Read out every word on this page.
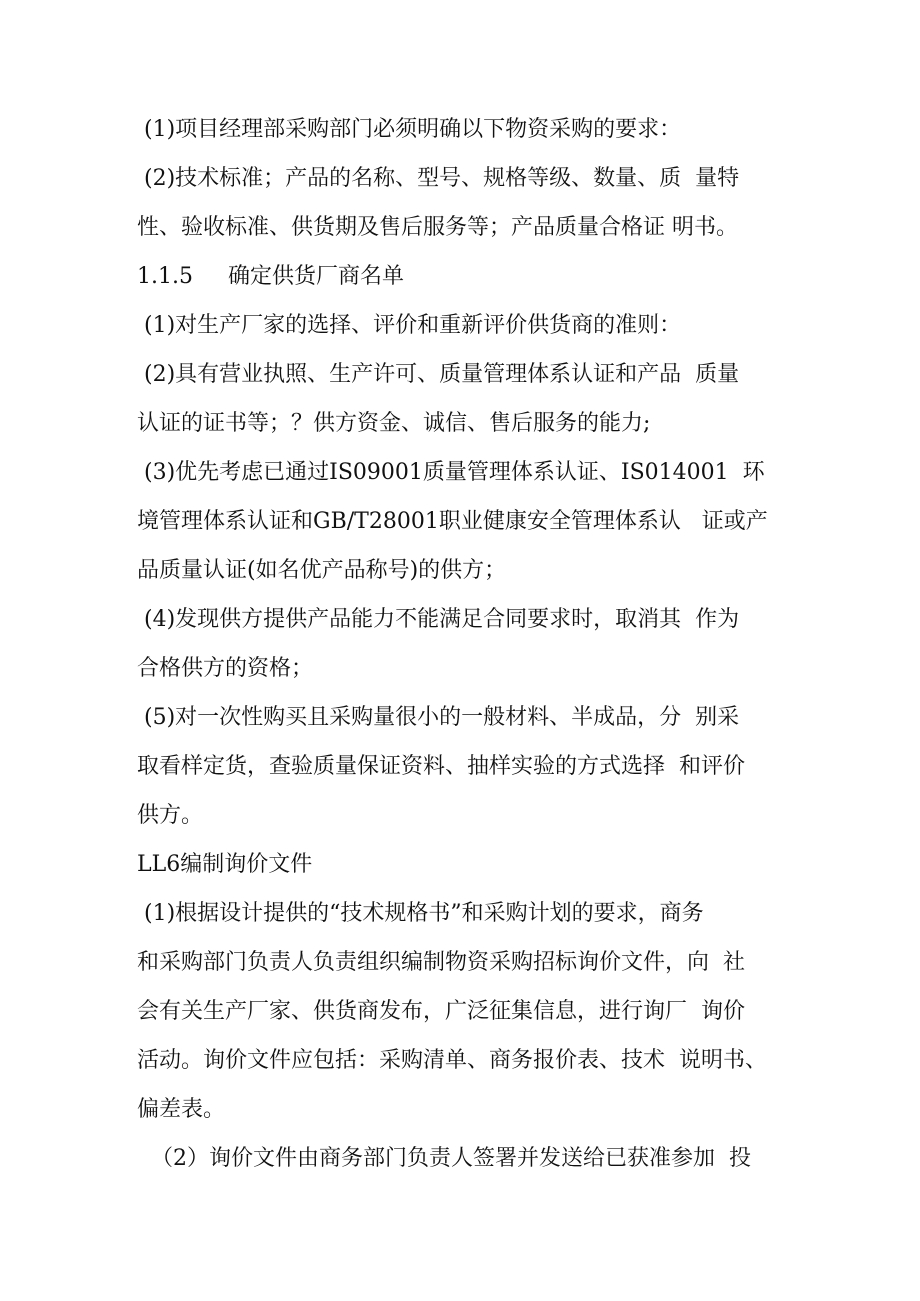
(1)项目经理部采购部门必须明确以下物资采购的要求：
(2)技术标准；产品的名称、型号、规格等级、数量、质  量特
性、验收标准、供货期及售后服务等；产品质量合格证 明书。
1.1.5     确定供货厂商名单
(1)对生产厂家的选择、评价和重新评价供货商的准则：
(2)具有营业执照、生产许可、质量管理体系认证和产品  质量
认证的证书等；？供方资金、诚信、售后服务的能力;
(3)优先考虑已通过IS09001质量管理体系认证、IS014001  环
境管理体系认证和GB/T28001职业健康安全管理体系认   证或产
品质量认证(如名优产品称号)的供方；
(4)发现供方提供产品能力不能满足合同要求时，取消其  作为
合格供方的资格；
(5)对一次性购买且采购量很小的一般材料、半成品，分  别采
取看样定货，查验质量保证资料、抽样实验的方式选择  和评价
供方。
LL6编制询价文件
(1)根据设计提供的“技术规格书”和采购计划的要求，商务
和采购部门负责人负责组织编制物资采购招标询价文件，向  社
会有关生产厂家、供货商发布，广泛征集信息，进行询厂  询价
活动。询价文件应包括：采购清单、商务报价表、技术  说明书、
偏差表。
（2）询价文件由商务部门负责人签署并发送给已获准参加  投
